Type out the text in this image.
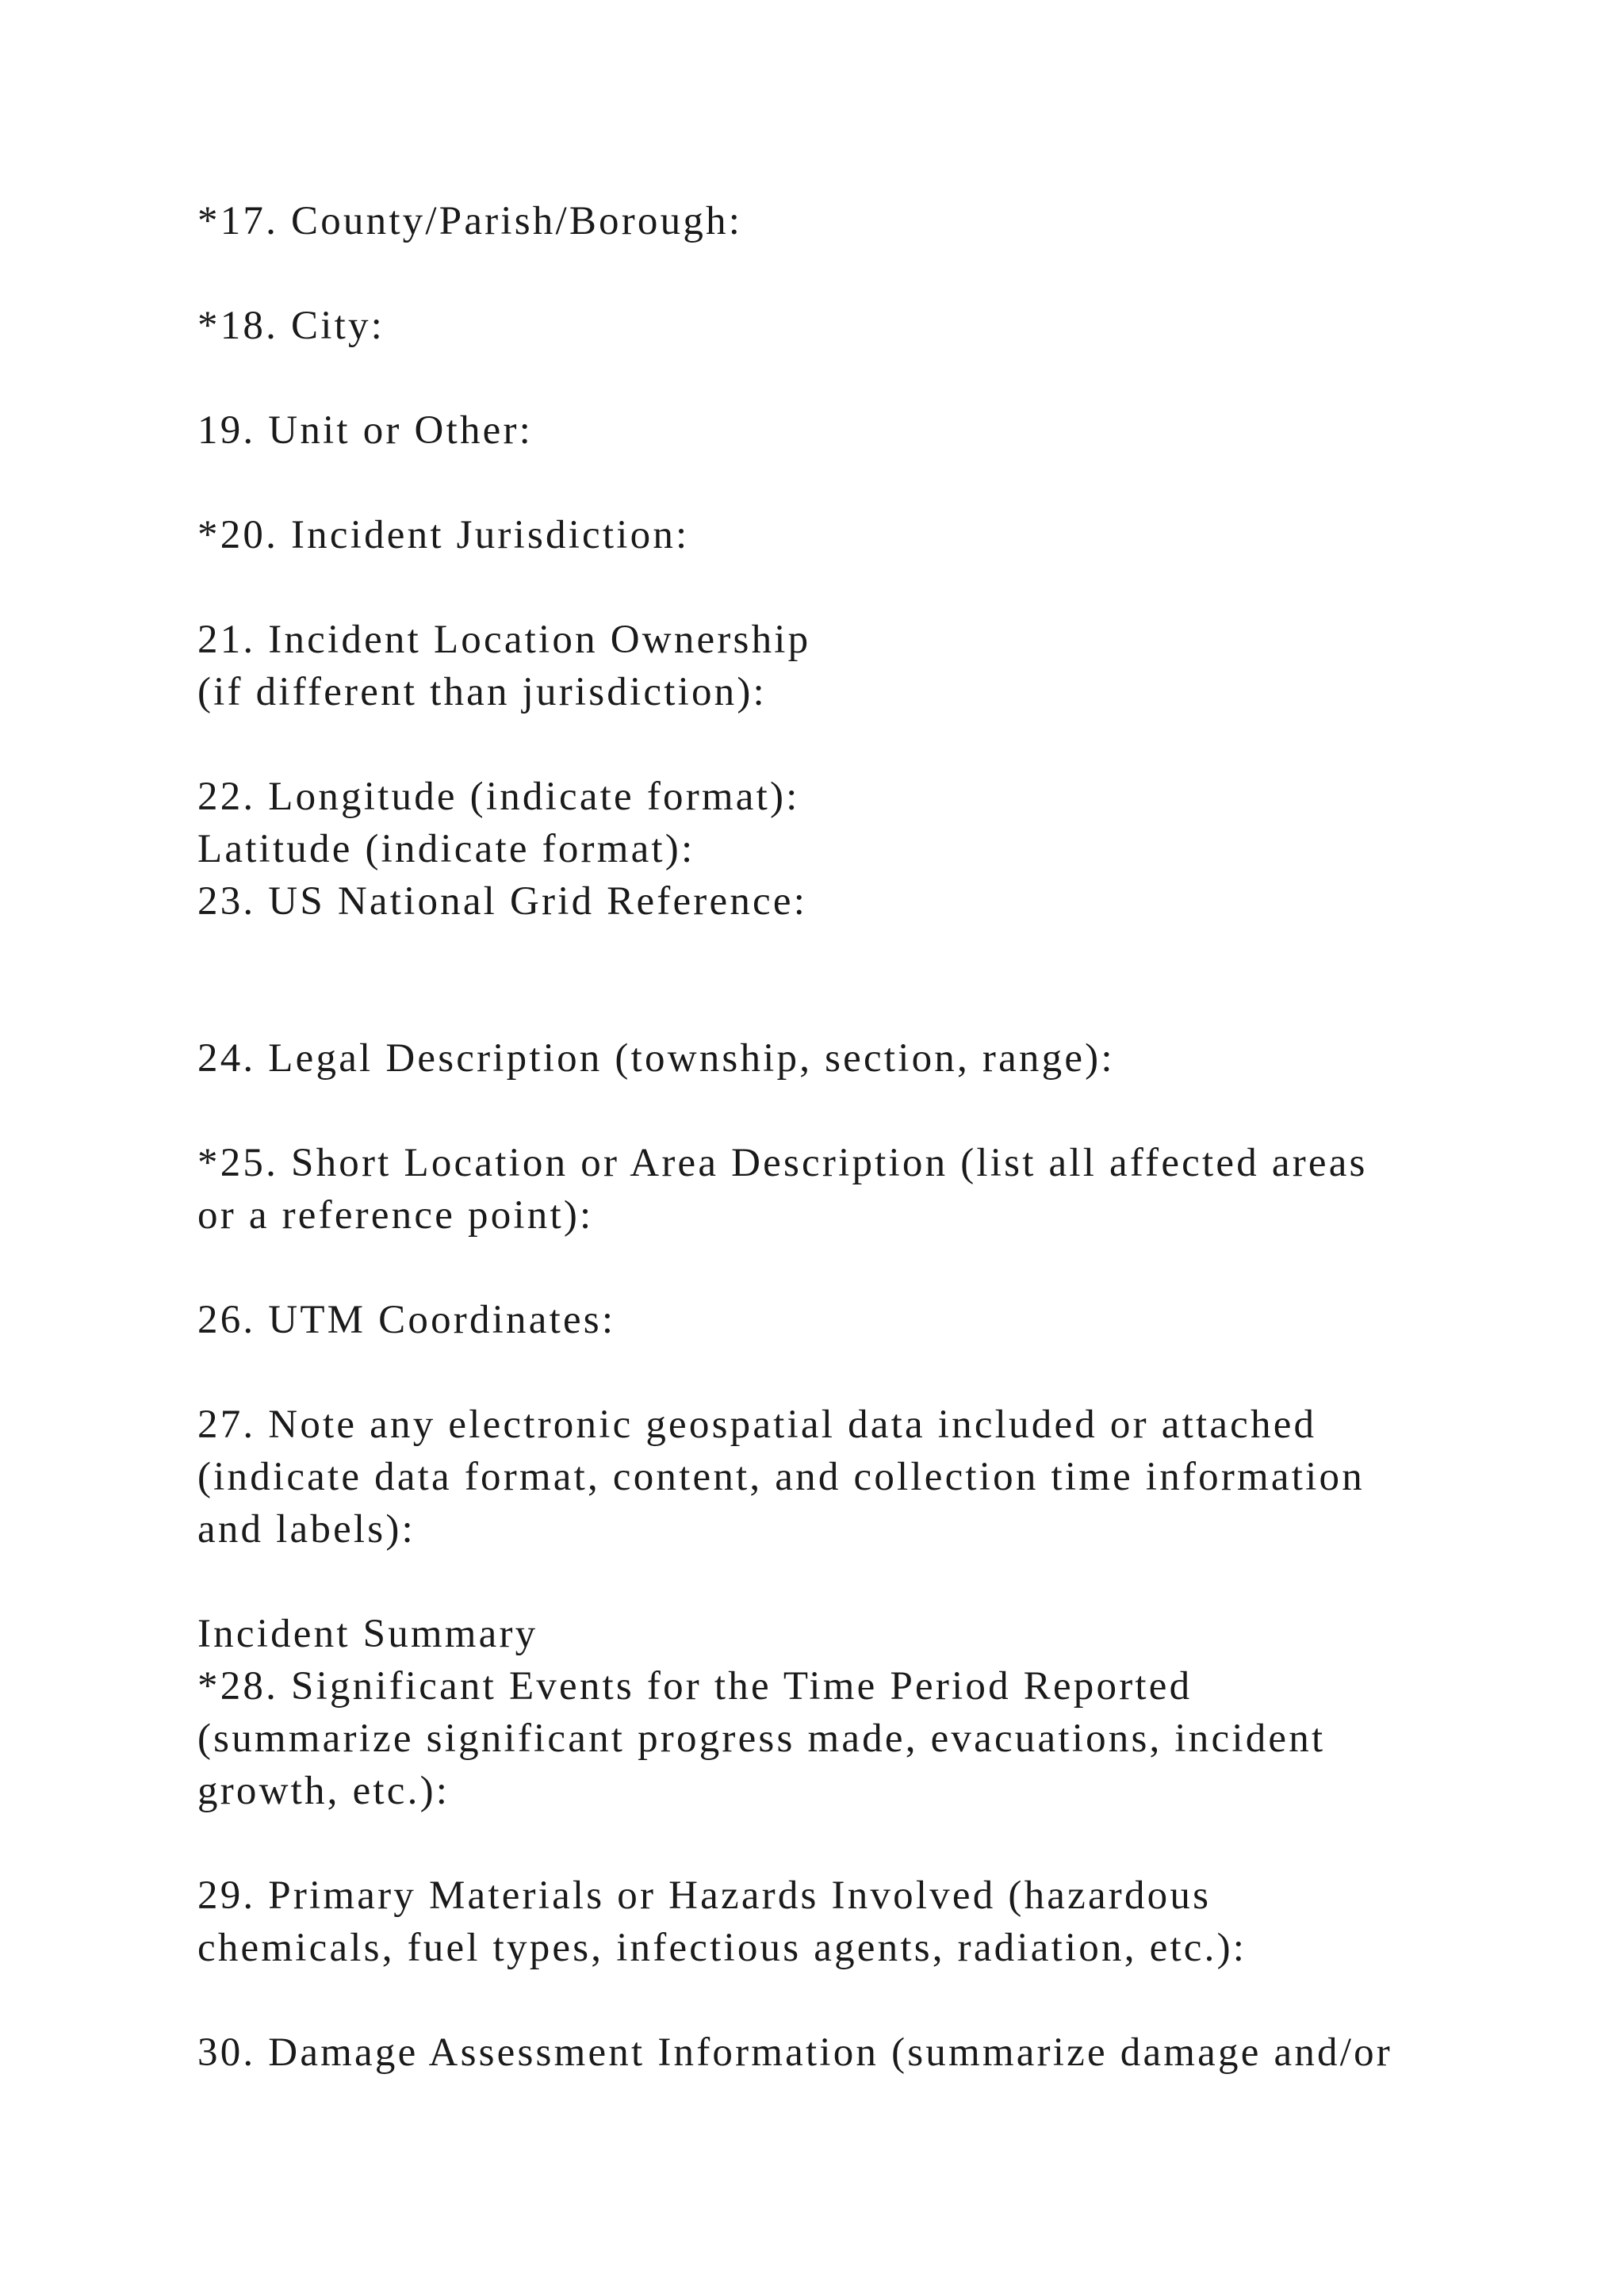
*17. County/Parish/Borough:
*18. City:
19. Unit or Other:
*20. Incident Jurisdiction:
21. Incident Location Ownership
(if different than jurisdiction):
22. Longitude (indicate format):
Latitude (indicate format):
23. US National Grid Reference:
24. Legal Description (township, section, range):
*25. Short Location or Area Description (list all affected areas
or a reference point):
26. UTM Coordinates:
27. Note any electronic geospatial data included or attached
(indicate data format, content, and collection time information
and labels):
Incident Summary
*28. Significant Events for the Time Period Reported
(summarize significant progress made, evacuations, incident
growth, etc.):
29. Primary Materials or Hazards Involved (hazardous
chemicals, fuel types, infectious agents, radiation, etc.):
30. Damage Assessment Information (summarize damage and/or
